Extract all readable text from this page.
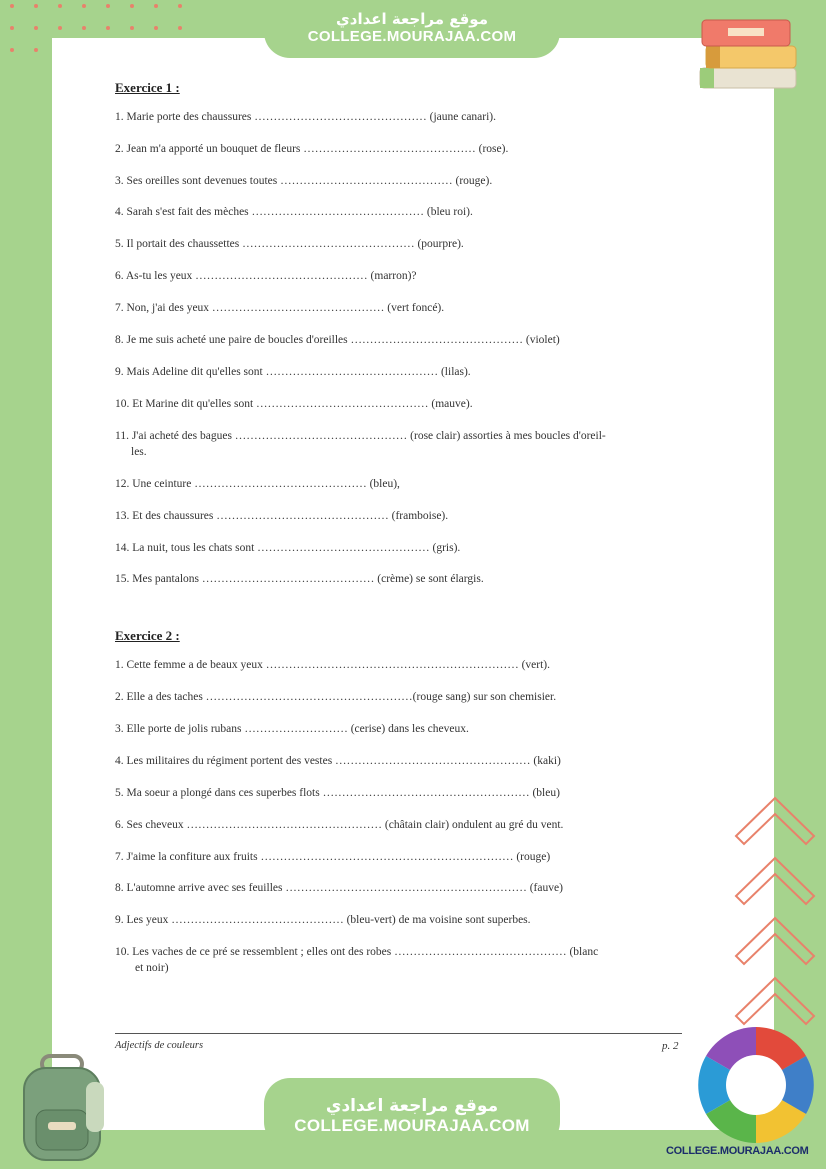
موقع مراجعة اعدادي
COLLEGE.MOURAJAA.COM
Exercice 1 :
1. Marie porte des chaussures ……………………………………… (jaune canari).
2. Jean m'a apporté un bouquet de fleurs ……………………………………… (rose).
3. Ses oreilles sont devenues toutes ……………………………………… (rouge).
4. Sarah s'est fait des mèches ……………………………………… (bleu roi).
5. Il portait des chaussettes ……………………………………… (pourpre).
6. As-tu les yeux ……………………………………… (marron)?
7. Non, j'ai des yeux ……………………………………… (vert foncé).
8. Je me suis acheté une paire de boucles d'oreilles ……………………………………… (violet)
9. Mais Adeline dit qu'elles sont ……………………………………… (lilas).
10. Et Marine dit qu'elles sont ……………………………………… (mauve).
11. J'ai acheté des bagues ……………………………………… (rose clair) assorties à mes boucles d'oreil-
les.
12. Une ceinture ……………………………………… (bleu),
13. Et des chaussures ……………………………………… (framboise).
14. La nuit, tous les chats sont ……………………………………… (gris).
15. Mes pantalons ……………………………………… (crème) se sont élargis.
Exercice 2 :
1. Cette femme a de beaux yeux ………………………………………………………… (vert).
2. Elle a des taches ………………………………………………(rouge sang) sur son chemisier.
3. Elle porte de jolis rubans ……………………… (cerise) dans les cheveux.
4. Les militaires du régiment portent des vestes …………………………………………… (kaki)
5. Ma soeur a plongé dans ces superbes flots ……………………………………………… (bleu)
6. Ses cheveux …………………………………………… (châtain clair) ondulent au gré du vent.
7. J'aime la confiture aux fruits ………………………………………………………… (rouge)
8. L'automne arrive avec ses feuilles ……………………………………………………… (fauve)
9. Les yeux ……………………………………… (bleu-vert) de ma voisine sont superbes.
10. Les vaches de ce pré se ressemblent ; elles ont des robes ……………………………………… (blanc
et noir)
Adjectifs de couleurs	p. 2
موقع مراجعة اعدادي
COLLEGE.MOURAJAA.COM
COLLEGE.MOURAJAA.COM
